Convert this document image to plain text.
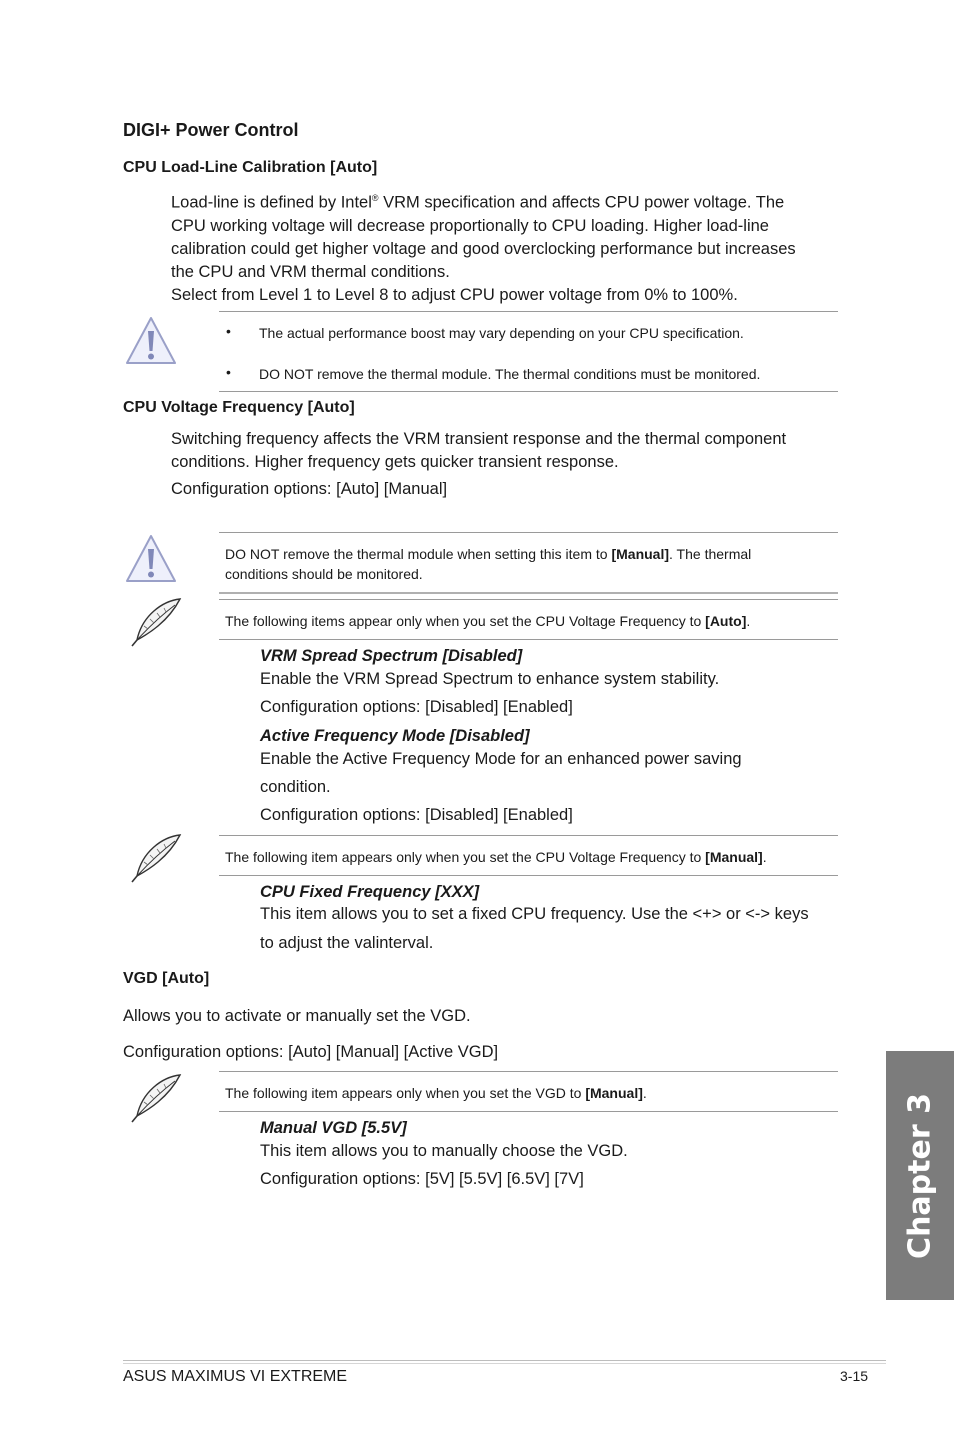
DIGI+ Power Control
CPU Load-Line Calibration [Auto]
Load-line is defined by Intel® VRM specification and affects CPU power voltage. The
CPU working voltage will decrease proportionally to CPU loading. Higher load-line
calibration could get higher voltage and good overclocking performance but increases
the CPU and VRM thermal conditions.
Select from Level 1 to Level 8 to adjust CPU power voltage from 0% to 100%.
• The actual performance boost may vary depending on your CPU specification.
• DO NOT remove the thermal module. The thermal conditions must be monitored.
CPU Voltage Frequency [Auto]
Switching frequency affects the VRM transient response and the thermal component
conditions. Higher frequency gets quicker transient response.
Configuration options: [Auto] [Manual]
DO NOT remove the thermal module when setting this item to [Manual]. The thermal
conditions should be monitored.
The following items appear only when you set the CPU Voltage Frequency to [Auto].
VRM Spread Spectrum [Disabled]
Enable the VRM Spread Spectrum to enhance system stability.
Configuration options: [Disabled] [Enabled]
Active Frequency Mode [Disabled]
Enable the Active Frequency Mode for an enhanced power saving
condition.
Configuration options: [Disabled] [Enabled]
The following item appears only when you set the CPU Voltage Frequency to [Manual].
CPU Fixed Frequency [XXX]
This item allows you to set a fixed CPU frequency. Use the <+> or <-> keys
to adjust the valinterval.
VGD [Auto]
Allows you to activate or manually set the VGD.
Configuration options: [Auto] [Manual] [Active VGD]
The following item appears only when you set the VGD to [Manual].
Manual VGD [5.5V]
This item allows you to manually choose the VGD.
Configuration options: [5V] [5.5V] [6.5V] [7V]	Chapter 3
ASUS MAXIMUS VI EXTREME	3-15
